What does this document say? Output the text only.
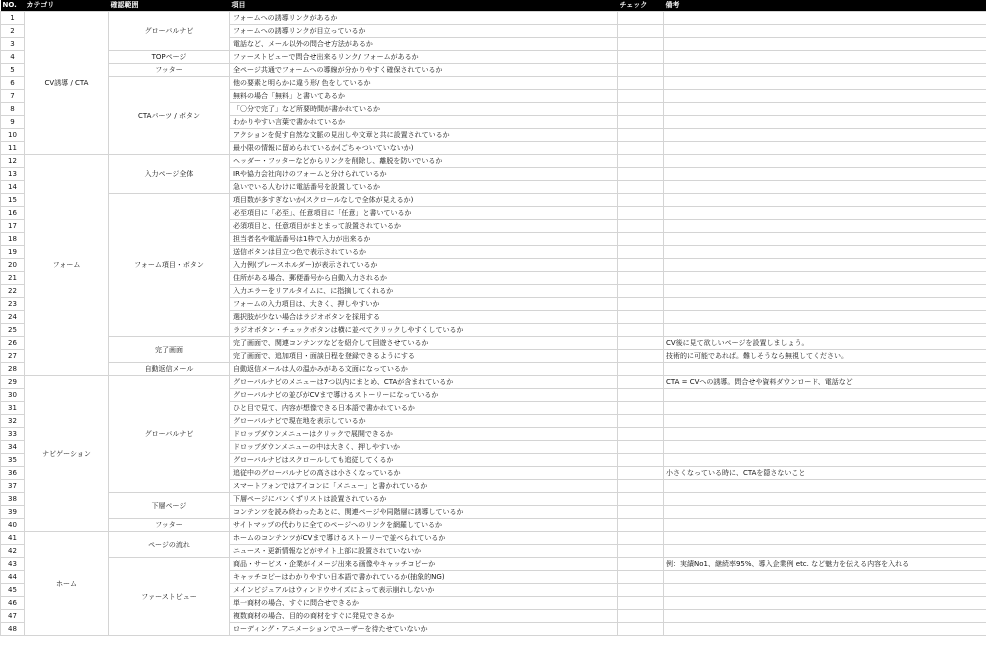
NO.	カテゴリ	確認範囲	項目	チェック	備考
1	CV誘導 / CTA	グローバルナビ	フォームへの誘導リンクがあるか		
2			フォームへの誘導リンクが目立っているか		
3			電話など、メール以外の問合せ方法があるか		
4		TOPページ	ファーストビューで問合せ出来るリンク/ フォームがあるか		
5		フッター	全ページ共通でフォームへの導線が分かりやすく確保されているか		
6		CTAパーツ / ボタン	他の要素と明らかに違う形/ 色をしているか		
7			無料の場合「無料」と書いてあるか		
8			「〇分で完了」など所要時間が書かれているか		
9			わかりやすい言葉で書かれているか		
10			アクションを促す自然な文脈の見出しや文章と共に設置されているか		
11			最小限の情報に留められているか(ごちゃついていないか)		
12	フォーム	入力ページ全体	ヘッダー・フッターなどからリンクを削除し、離脱を防いでいるか		
13			IRや協力会社向けのフォームと分けられているか		
14			急いでいる人むけに電話番号を設置しているか		
15		フォーム項目・ボタン	項目数が多すぎないか(スクロールなしで全体が見えるか)		
16			必至項目に「必至」、任意項目に「任意」と書いているか		
17			必須項目と、任意項目がまとまって設置されているか		
18			担当者名や電話番号は1枠で入力が出来るか		
19			送信ボタンは目立つ色で表示されているか		
20			入力例(プレースホルダー)が表示されているか		
21			住所がある場合、郵便番号から自動入力されるか		
22			入力エラーをリアルタイムに、に指摘してくれるか		
23			フォームの入力項目は、大きく、押しやすいか		
24			選択肢が少ない場合はラジオボタンを採用する		
25			ラジオボタン・チェックボタンは横に並べてクリックしやすくしているか		
26		完了画面	完了画面で、関連コンテンツなどを紹介して回遊させているか		CV後に見て欲しいページを設置しましょう。
27			完了画面で、追加項目・面談日程を登録できるようにする		技術的に可能であれば。難しそうなら無視してください。
28		自動返信メール	自動返信メールは人の温かみがある文面になっているか		
29	ナビゲーション	グローバルナビ	グローバルナビのメニューは7つ以内にまとめ、CTAが含まれているか		CTA = CVへの誘導。問合せや資料ダウンロード、電話など
30			グローバルナビの並びがCVまで導けるストーリーになっているか		
31			ひと目で見て、内容が想像できる日本語で書かれているか		
32			グローバルナビで現在地を表示しているか		
33			ドロップダウンメニューはクリックで展開できるか		
34			ドロップダウンメニューの中は大きく、押しやすいか		
35			グローバルナビはスクロールしても追従してくるか		
36			追従中のグローバルナビの高さは小さくなっているか		小さくなっている時に、CTAを隠さないこと
37			スマートフォンではアイコンに「メニュー」と書かれているか		
38		下層ページ	下層ページにパンくずリストは設置されているか		
39			コンテンツを読み終わったあとに、関連ページや同階層に誘導しているか		
40		フッター	サイトマップの代わりに全てのページへのリンクを網羅しているか		
41	ホーム	ページの流れ	ホームのコンテンツがCVまで導けるストーリーで並べられているか		
42			ニュース・更新情報などがサイト上部に設置されていないか		
43		ファーストビュー	商品・サービス・企業がイメージ出来る画像やキャッチコピーか		例：実績No1、継続率95%、導入企業例 etc. など魅力を伝える内容を入れる
44			キャッチコピーはわかりやすい日本語で書かれているか(抽象的NG)		
45			メインビジュアルはウィンドウサイズによって表示崩れしないか		
46			単一商材の場合、すぐに問合せできるか		
47			複数商材の場合、目的の商材をすぐに発見できるか		
48			ローディング・アニメーションでユーザーを待たせていないか		
